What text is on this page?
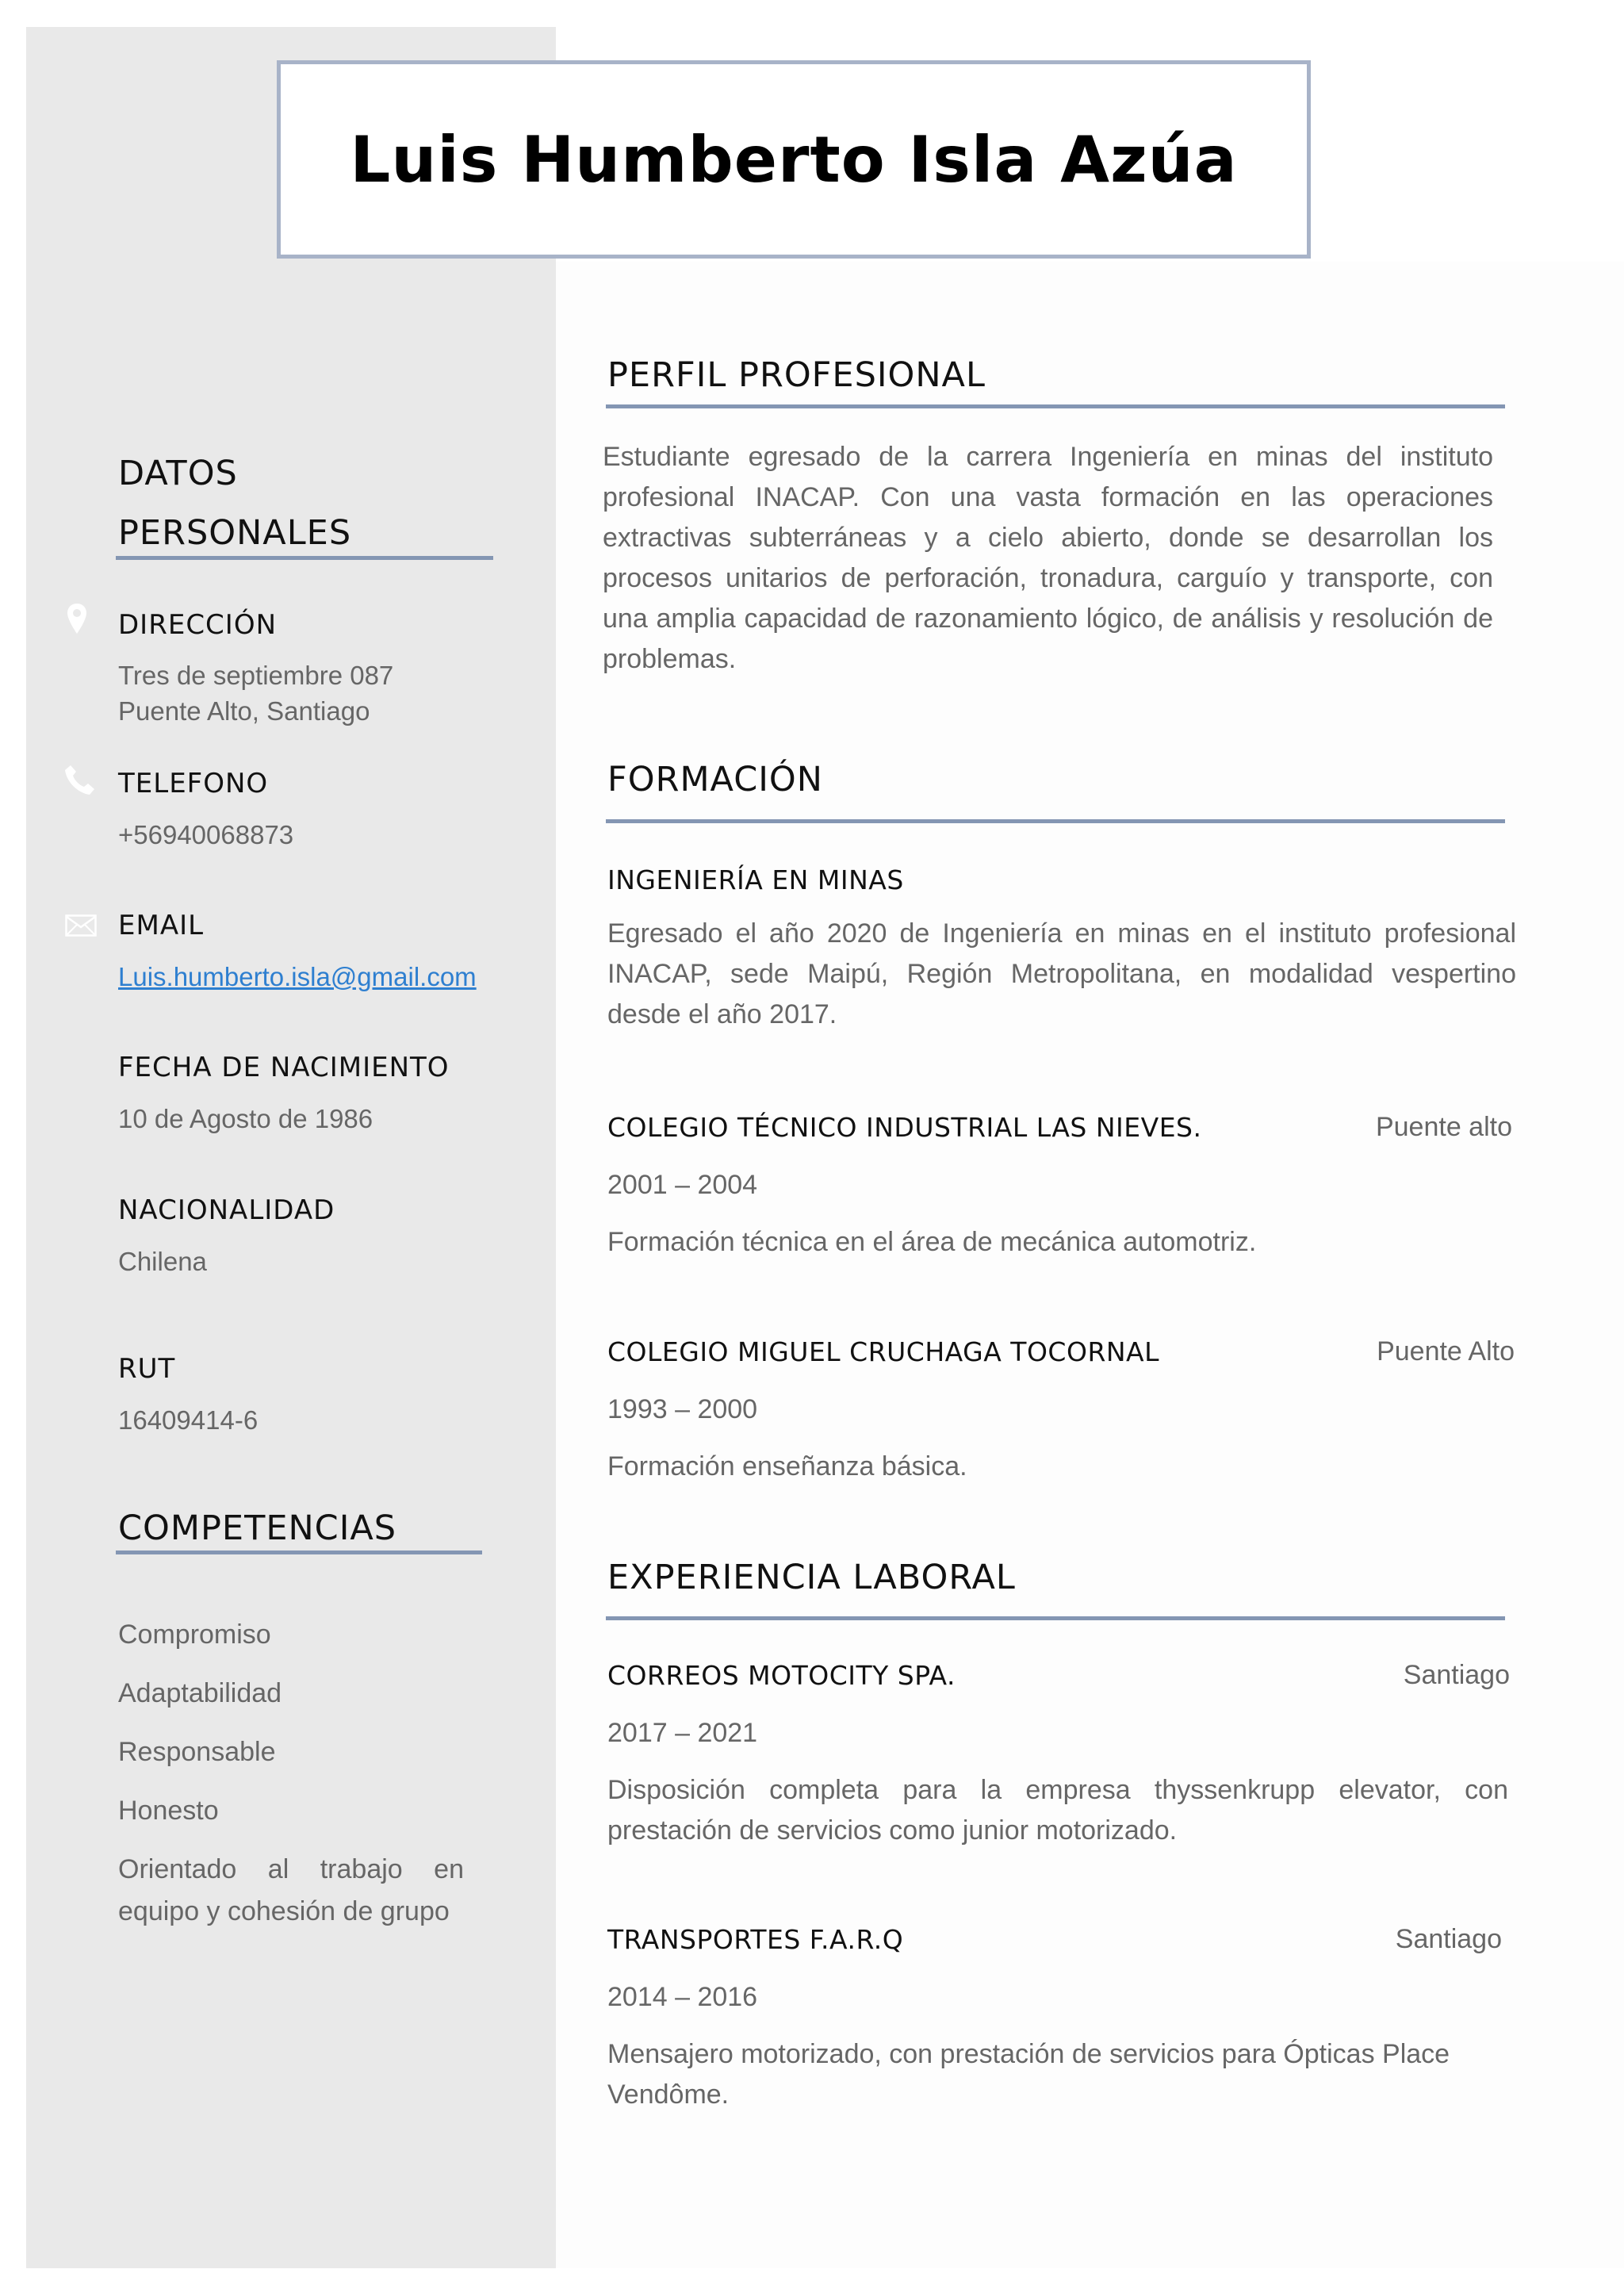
Luis Humberto Isla Azúa
DATOS
PERSONALES
DIRECCIÓN
Tres de septiembre 087
Puente Alto, Santiago
TELEFONO
+56940068873
EMAIL
Luis.humberto.isla@gmail.com
FECHA DE NACIMIENTO
10 de Agosto de 1986
NACIONALIDAD
Chilena
RUT
16409414-6
COMPETENCIAS
Compromiso
Adaptabilidad
Responsable
Honesto
Orientado al trabajo en equipo y cohesión de grupo
PERFIL PROFESIONAL
Estudiante egresado de la carrera Ingeniería en minas del instituto profesional INACAP. Con una vasta formación en las operaciones extractivas subterráneas y a cielo abierto, donde se desarrollan los procesos unitarios de perforación, tronadura, carguío y transporte, con una amplia capacidad de razonamiento lógico, de análisis y resolución de problemas.
FORMACIÓN
INGENIERÍA EN MINAS
Egresado el año 2020 de Ingeniería en minas en el instituto profesional INACAP, sede Maipú, Región Metropolitana, en modalidad vespertino desde el año 2017.
COLEGIO TÉCNICO INDUSTRIAL LAS NIEVES.	Puente alto
2001 – 2004
Formación técnica en el área de mecánica automotriz.
COLEGIO MIGUEL CRUCHAGA TOCORNAL	Puente Alto
1993 – 2000
Formación enseñanza básica.
EXPERIENCIA LABORAL
CORREOS MOTOCITY SPA.	Santiago
2017 – 2021
Disposición completa para la empresa thyssenkrupp elevator, con prestación de servicios como junior motorizado.
TRANSPORTES F.A.R.Q	Santiago
2014 – 2016
Mensajero motorizado, con prestación de servicios para Ópticas Place Vendôme.
